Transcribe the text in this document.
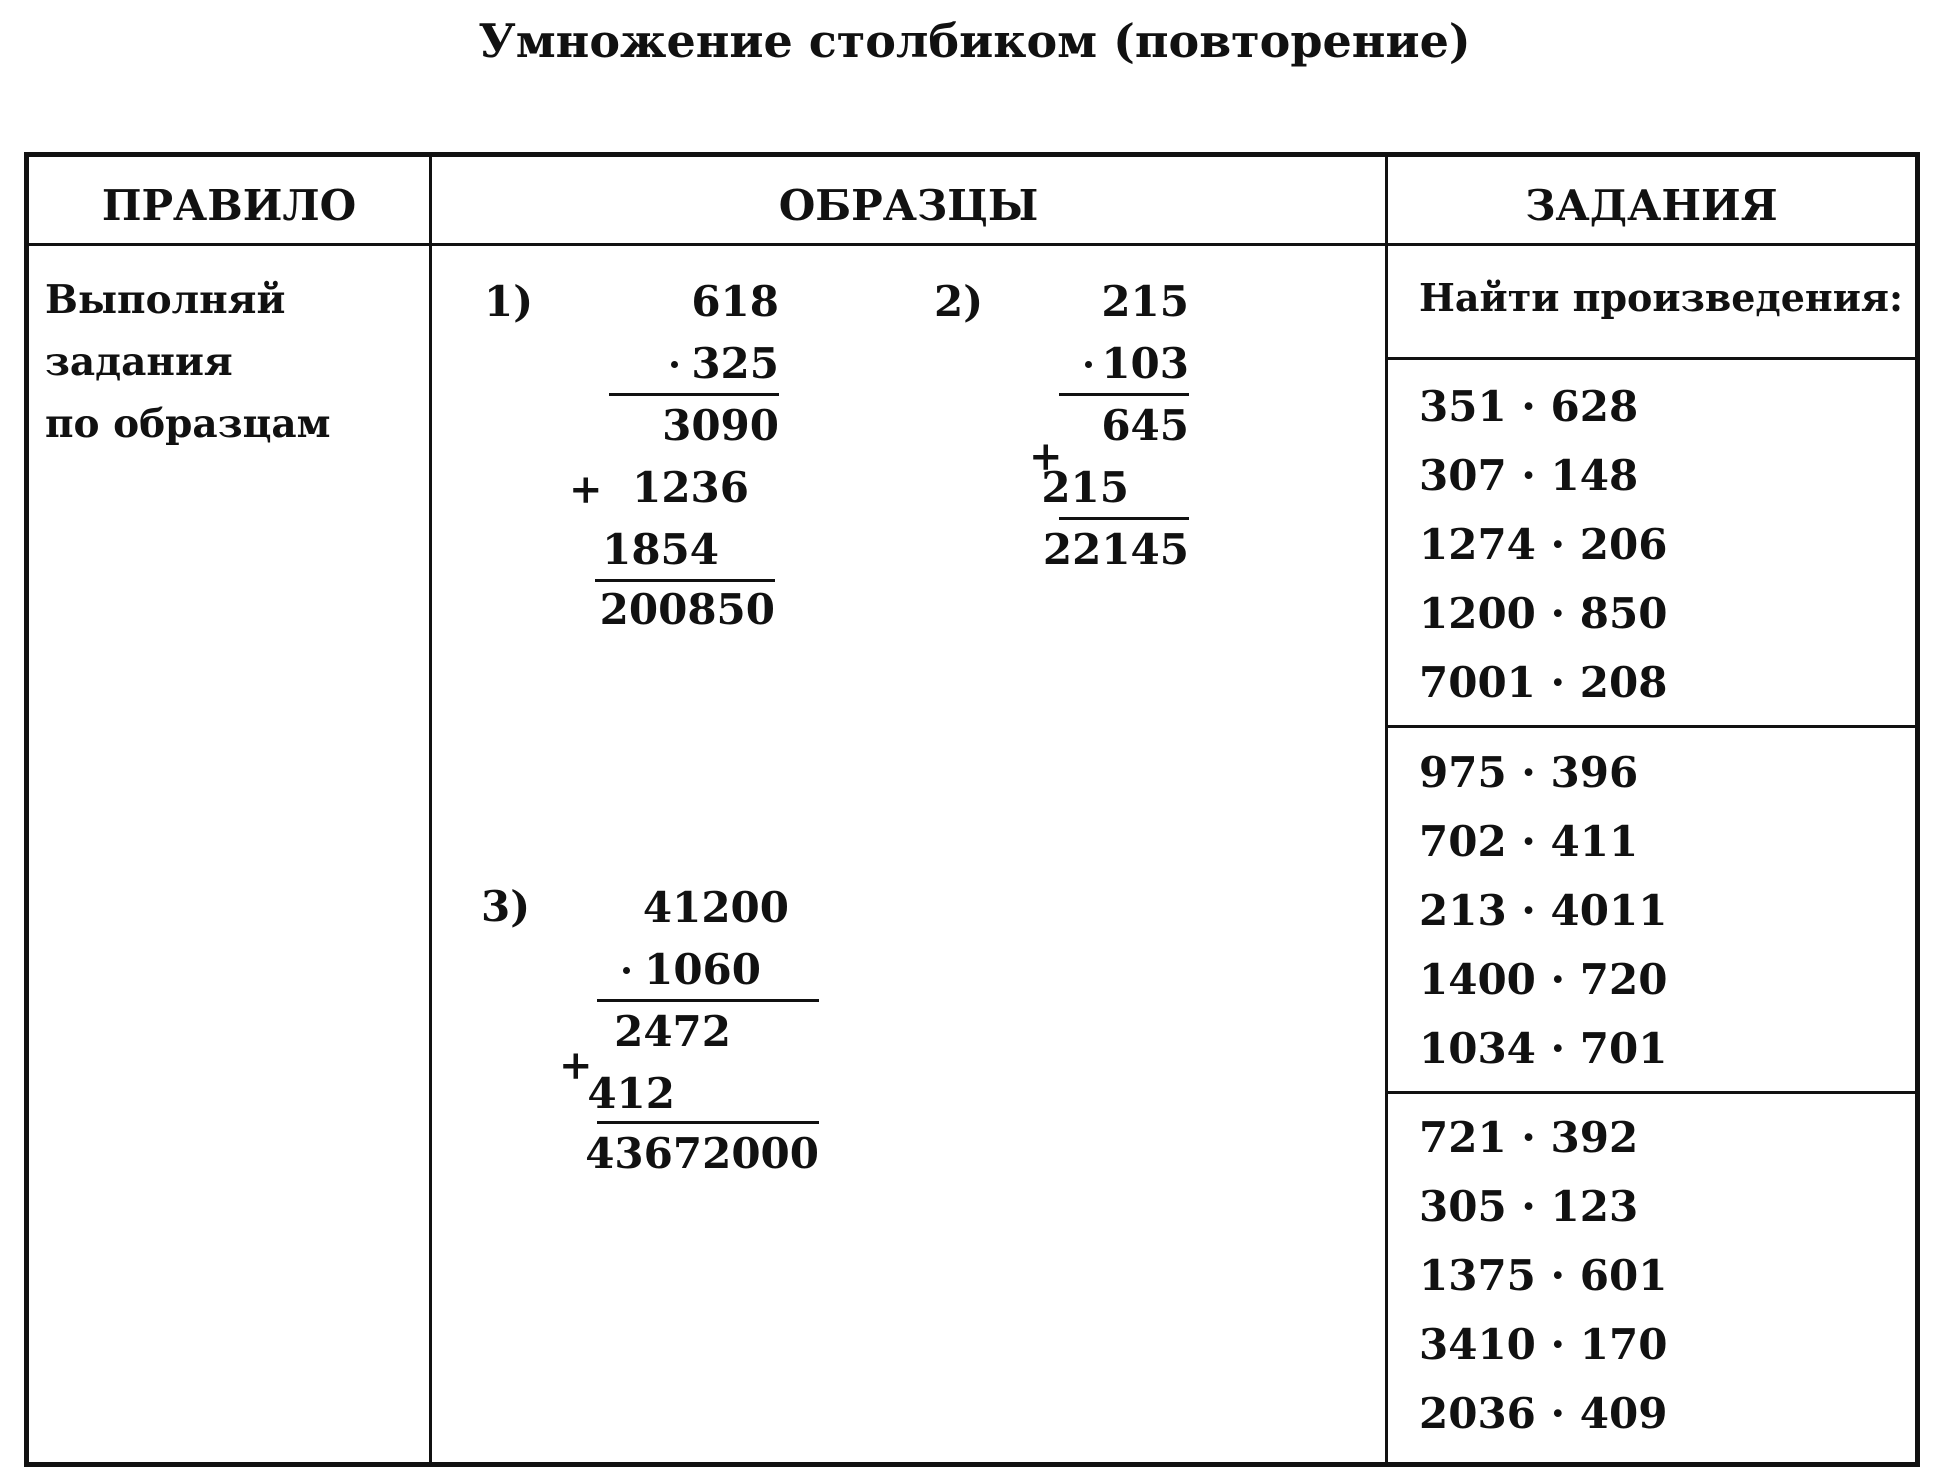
Умножение столбиком (повторение)
ПРАВИЛО	ОБРАЗЦЫ	ЗАДАНИЯ
Выполняй
задания
по образцам
1)	618
325
3090
+ 1236
1854
200850
2)	215
103
645
+
215
22145
3)	41200
1060
2472
+
412
43672000
Найти произведения:
351 · 628
307 · 148
1274 · 206
1200 · 850
7001 · 208
975 · 396
702 · 411
213 · 4011
1400 · 720
1034 · 701
721 · 392
305 · 123
1375 · 601
3410 · 170
2036 · 409
